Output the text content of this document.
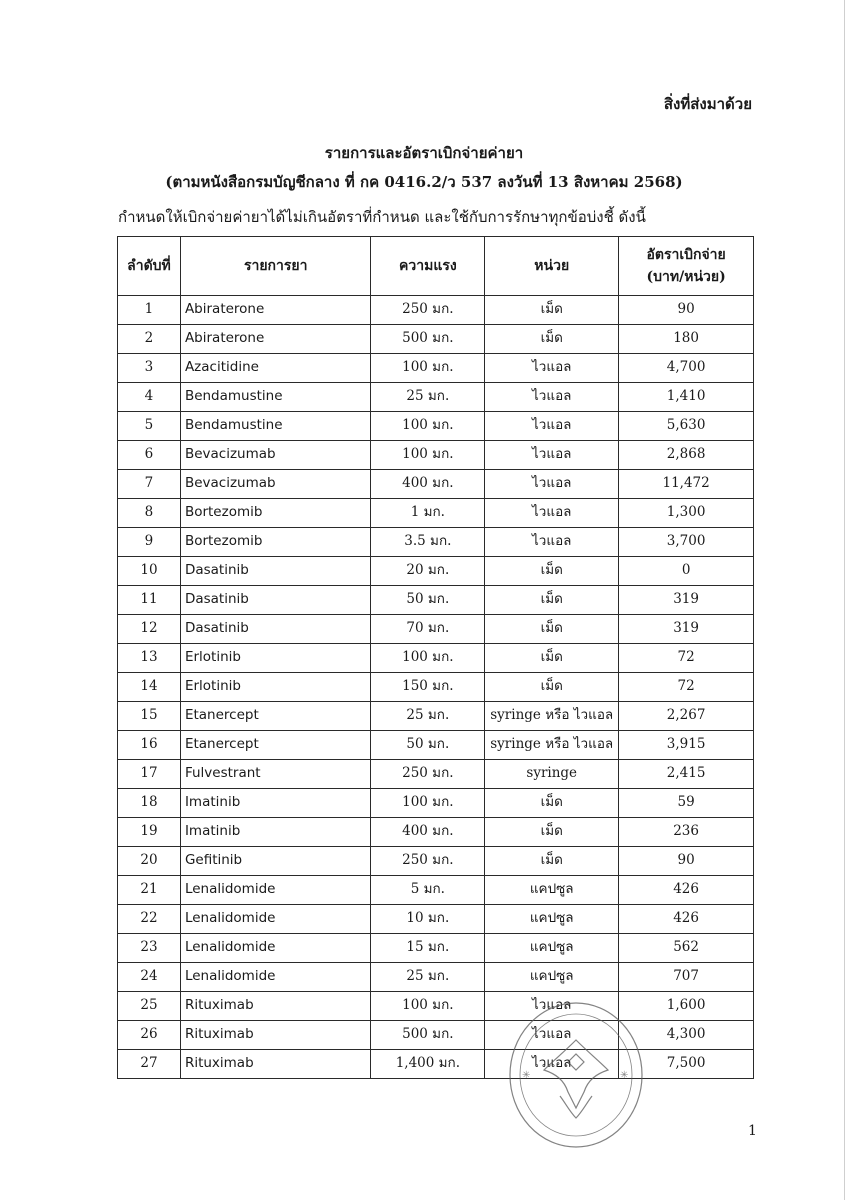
สิ่งที่ส่งมาด้วย
รายการและอัตราเบิกจ่ายค่ายา
(ตามหนังสือกรมบัญชีกลาง ที่ กค 0416.2/ว 537 ลงวันที่ 13 สิงหาคม 2568)
กำหนดให้เบิกจ่ายค่ายาได้ไม่เกินอัตราที่กำหนด และใช้กับการรักษาทุกข้อบ่งชี้ ดังนี้
ลำดับที่	รายการยา	ความแรง	หน่วย	อัตราเบิกจ่าย
(บาท/หน่วย)

1	Abiraterone	250 มก.	เม็ด	90
2	Abiraterone	500 มก.	เม็ด	180
3	Azacitidine	100 มก.	ไวแอล	4,700
4	Bendamustine	25 มก.	ไวแอล	1,410
5	Bendamustine	100 มก.	ไวแอล	5,630
6	Bevacizumab	100 มก.	ไวแอล	2,868
7	Bevacizumab	400 มก.	ไวแอล	11,472
8	Bortezomib	1 มก.	ไวแอล	1,300
9	Bortezomib	3.5 มก.	ไวแอล	3,700
10	Dasatinib	20 มก.	เม็ด	0
11	Dasatinib	50 มก.	เม็ด	319
12	Dasatinib	70 มก.	เม็ด	319
13	Erlotinib	100 มก.	เม็ด	72
14	Erlotinib	150 มก.	เม็ด	72
15	Etanercept	25 มก.	syringe หรือ ไวแอล	2,267
16	Etanercept	50 มก.	syringe หรือ ไวแอล	3,915
17	Fulvestrant	250 มก.	syringe	2,415
18	Imatinib	100 มก.	เม็ด	59
19	Imatinib	400 มก.	เม็ด	236
20	Gefitinib	250 มก.	เม็ด	90
21	Lenalidomide	5 มก.	แคปซูล	426
22	Lenalidomide	10 มก.	แคปซูล	426
23	Lenalidomide	15 มก.	แคปซูล	562
24	Lenalidomide	25 มก.	แคปซูล	707
25	Rituximab	100 มก.	ไวแอล	1,600
26	Rituximab	500 มก.	ไวแอล	4,300
27	Rituximab	1,400 มก.	ไวแอล	7,500
✳	✳
1
